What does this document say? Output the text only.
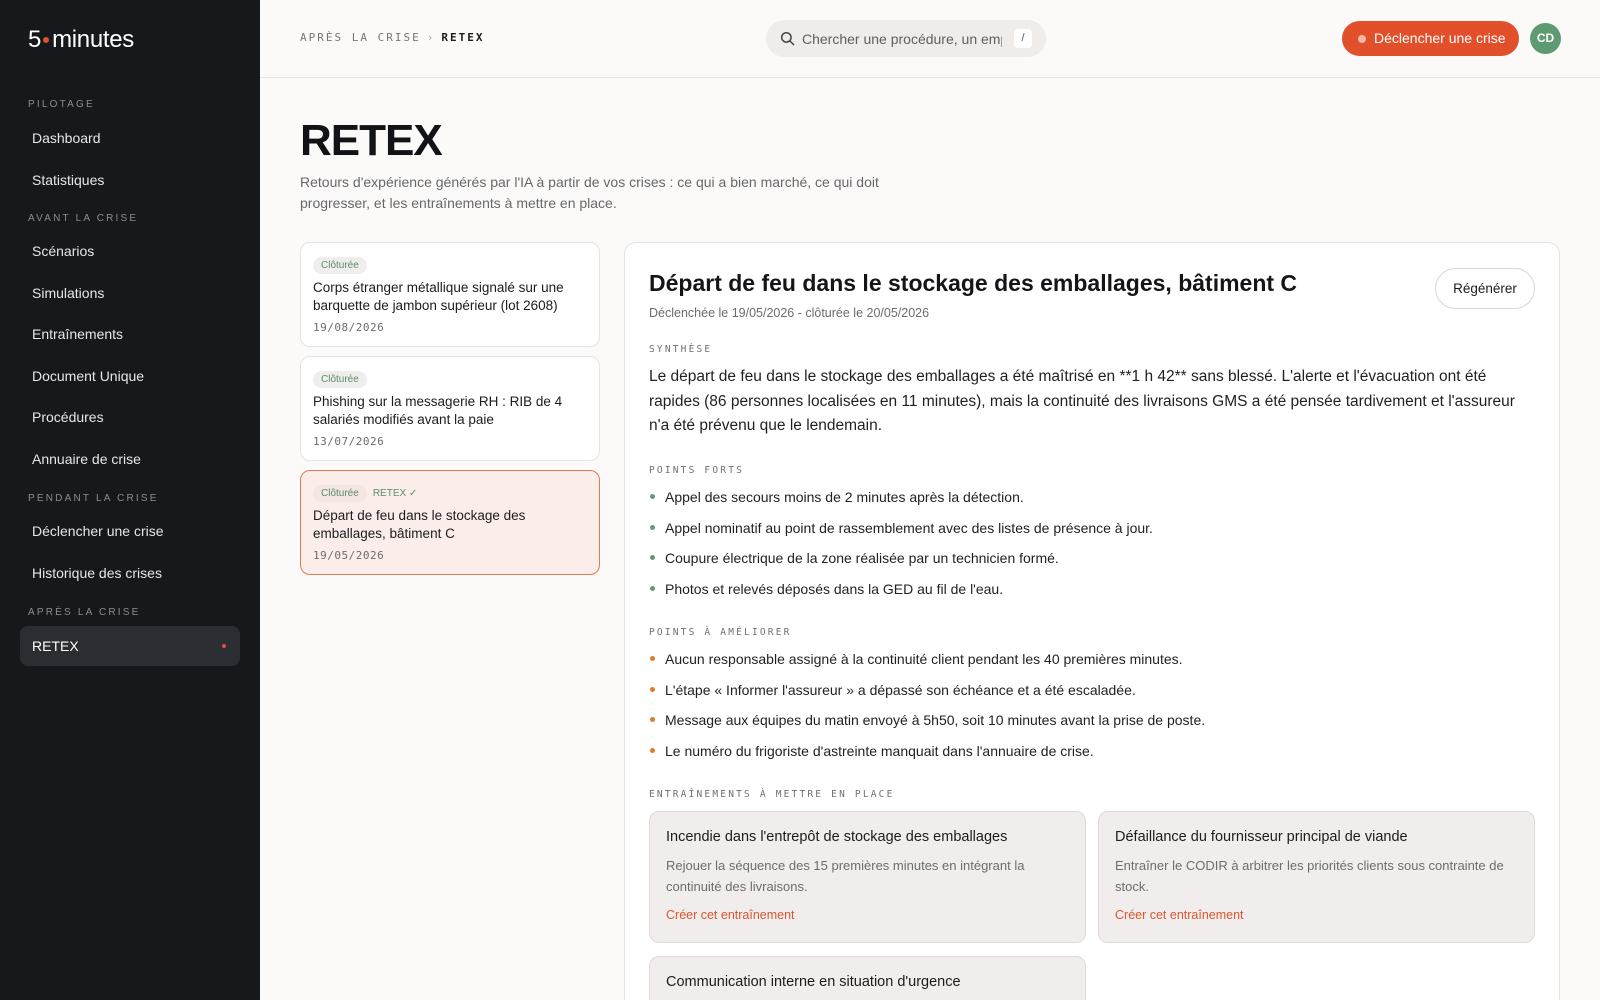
5 minutes
PILOTAGE
Dashboard
Statistiques
AVANT LA CRISE
Scénarios
Simulations
Entraînements
Document Unique
Procédures
Annuaire de crise
PENDANT LA CRISE
Déclencher une crise
Historique des crises
APRÈS LA CRISE
RETEX
APRÈS LA CRISE › RETEX
Chercher une procédure, un emploi...	/	Déclencher une crise	CD
RETEX

Retours d'expérience générés par l'IA à partir de vos crises : ce qui a bien marché, ce qui doit progresser, et les entraînements à mettre en place.

Clôturée
Corps étranger métallique signalé sur une barquette de jambon supérieur (lot 2608)
19/08/2026
Clôturée
Phishing sur la messagerie RH : RIB de 4 salariés modifiés avant la paie
13/07/2026
Clôturée RETEX ✓
Départ de feu dans le stockage des emballages, bâtiment C
19/05/2026
Départ de feu dans le stockage des emballages, bâtiment C
Déclenchée le 19/05/2026 - clôturée le 20/05/2026
Régénérer
SYNTHÈSE

Le départ de feu dans le stockage des emballages a été maîtrisé en **1 h 42** sans blessé. L'alerte et l'évacuation ont été rapides (86 personnes localisées en 11 minutes), mais la continuité des livraisons GMS a été pensée tardivement et l'assureur n'a été prévenu que le lendemain.

POINTS FORTS
Appel des secours moins de 2 minutes après la détection.
Appel nominatif au point de rassemblement avec des listes de présence à jour.
Coupure électrique de la zone réalisée par un technicien formé.
Photos et relevés déposés dans la GED au fil de l'eau.
POINTS À AMÉLIORER
Aucun responsable assigné à la continuité client pendant les 40 premières minutes.
L'étape « Informer l'assureur » a dépassé son échéance et a été escaladée.
Message aux équipes du matin envoyé à 5h50, soit 10 minutes avant la prise de poste.
Le numéro du frigoriste d'astreinte manquait dans l'annuaire de crise.
ENTRAÎNEMENTS À METTRE EN PLACE
Incendie dans l'entrepôt de stockage des emballages
Rejouer la séquence des 15 premières minutes en intégrant la continuité des livraisons.
Créer cet entraînement
Défaillance du fournisseur principal de viande
Entraîner le CODIR à arbitrer les priorités clients sous contrainte de stock.
Créer cet entraînement
Communication interne en situation d'urgence
